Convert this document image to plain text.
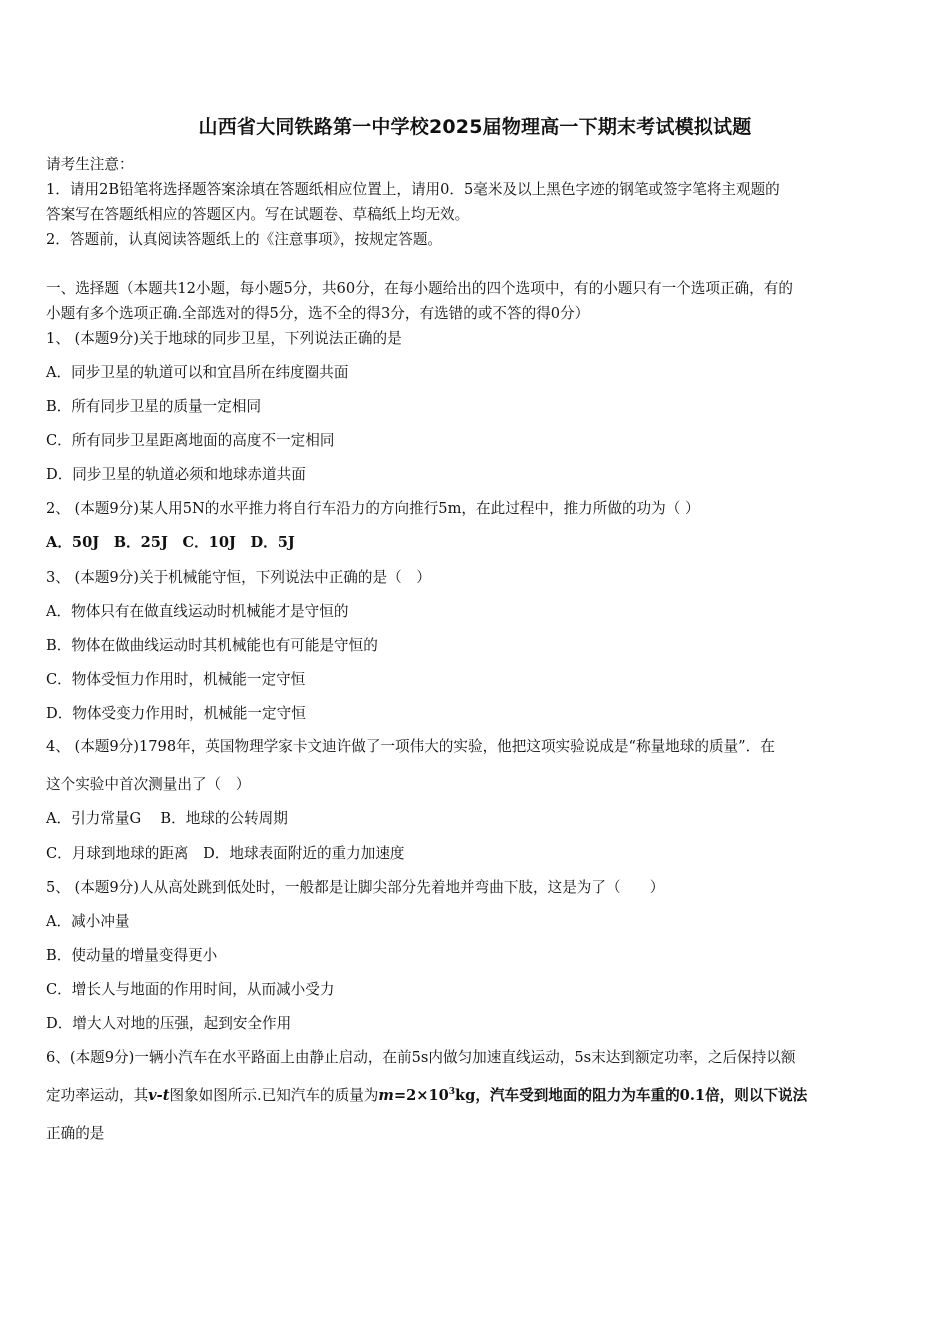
山西省大同铁路第一中学校2025届物理高一下期末考试模拟试题
请考生注意：
1．请用2B铅笔将选择题答案涂填在答题纸相应位置上，请用0．5毫米及以上黑色字迹的钢笔或签字笔将主观题的
答案写在答题纸相应的答题区内。写在试题卷、草稿纸上均无效。
2．答题前，认真阅读答题纸上的《注意事项》，按规定答题。
一、选择题（本题共12小题，每小题5分，共60分，在每小题给出的四个选项中，有的小题只有一个选项正确，有的
小题有多个选项正确.全部选对的得5分，选不全的得3分，有选错的或不答的得0分）
1、 (本题9分)关于地球的同步卫星，下列说法正确的是
A．同步卫星的轨道可以和宜昌所在纬度圈共面
B．所有同步卫星的质量一定相同
C．所有同步卫星距离地面的高度不一定相同
D．同步卫星的轨道必须和地球赤道共面
2、 (本题9分)某人用5N的水平推力将自行车沿力的方向推行5m，在此过程中，推力所做的功为（ ）
A．50J　B．25J　C．10J　D．5J
3、 (本题9分)关于机械能守恒，下列说法中正确的是（　）
A．物体只有在做直线运动时机械能才是守恒的
B．物体在做曲线运动时其机械能也有可能是守恒的
C．物体受恒力作用时，机械能一定守恒
D．物体受变力作用时，机械能一定守恒
4、 (本题9分)1798年，英国物理学家卡文迪许做了一项伟大的实验，他把这项实验说成是“称量地球的质量”．在
这个实验中首次测量出了（　）
A．引力常量G　 B．地球的公转周期
C．月球到地球的距离　D．地球表面附近的重力加速度
5、 (本题9分)人从高处跳到低处时，一般都是让脚尖部分先着地并弯曲下肢，这是为了（　　）
A．减小冲量
B．使动量的增量变得更小
C．增长人与地面的作用时间，从而减小受力
D．增大人对地的压强，起到安全作用
6、(本题9分)一辆小汽车在水平路面上由静止启动，在前5s内做匀加速直线运动，5s末达到额定功率，之后保持以额
定功率运动，其v-t图象如图所示.已知汽车的质量为$m=2\times 10^3kg$，汽车受到地面的阻力为车重的0.1倍，则以下说法
正确的是
